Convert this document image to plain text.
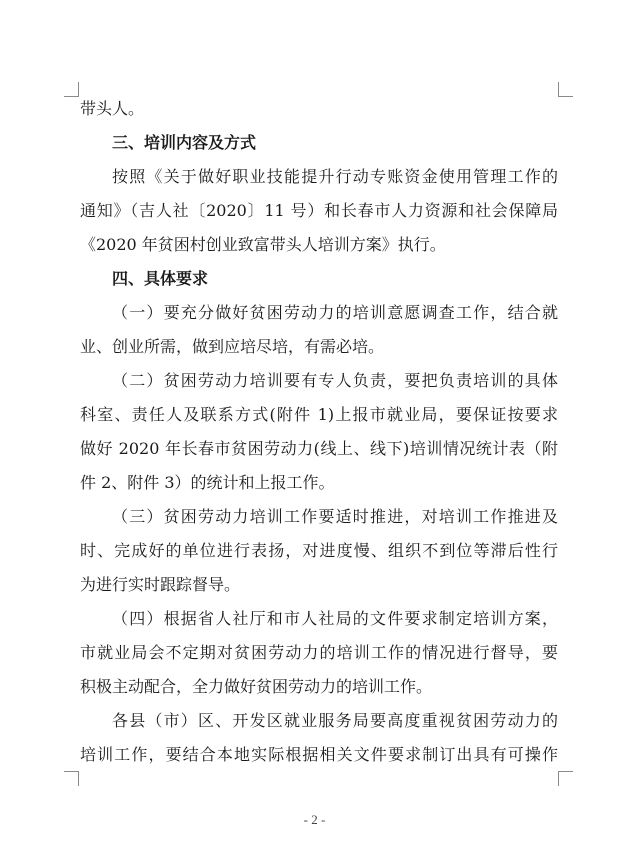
带头人。
三、培训内容及方式
按照《关于做好职业技能提升行动专账资金使用管理工作的
通知》（吉人社〔2020〕11 号）和长春市人力资源和社会保障局
《2020 年贫困村创业致富带头人培训方案》执行。
四、具体要求
（一）要充分做好贫困劳动力的培训意愿调查工作，结合就
业、创业所需，做到应培尽培，有需必培。
（二）贫困劳动力培训要有专人负责，要把负责培训的具体
科室、责任人及联系方式(附件 1)上报市就业局，要保证按要求
做好 2020 年长春市贫困劳动力(线上、线下)培训情况统计表（附
件 2、附件 3）的统计和上报工作。
（三）贫困劳动力培训工作要适时推进，对培训工作推进及
时、完成好的单位进行表扬，对进度慢、组织不到位等滞后性行
为进行实时跟踪督导。
（四）根据省人社厅和市人社局的文件要求制定培训方案，
市就业局会不定期对贫困劳动力的培训工作的情况进行督导，要
积极主动配合，全力做好贫困劳动力的培训工作。
各县（市）区、开发区就业服务局要高度重视贫困劳动力的
培训工作，要结合本地实际根据相关文件要求制订出具有可操作
- 2 -
